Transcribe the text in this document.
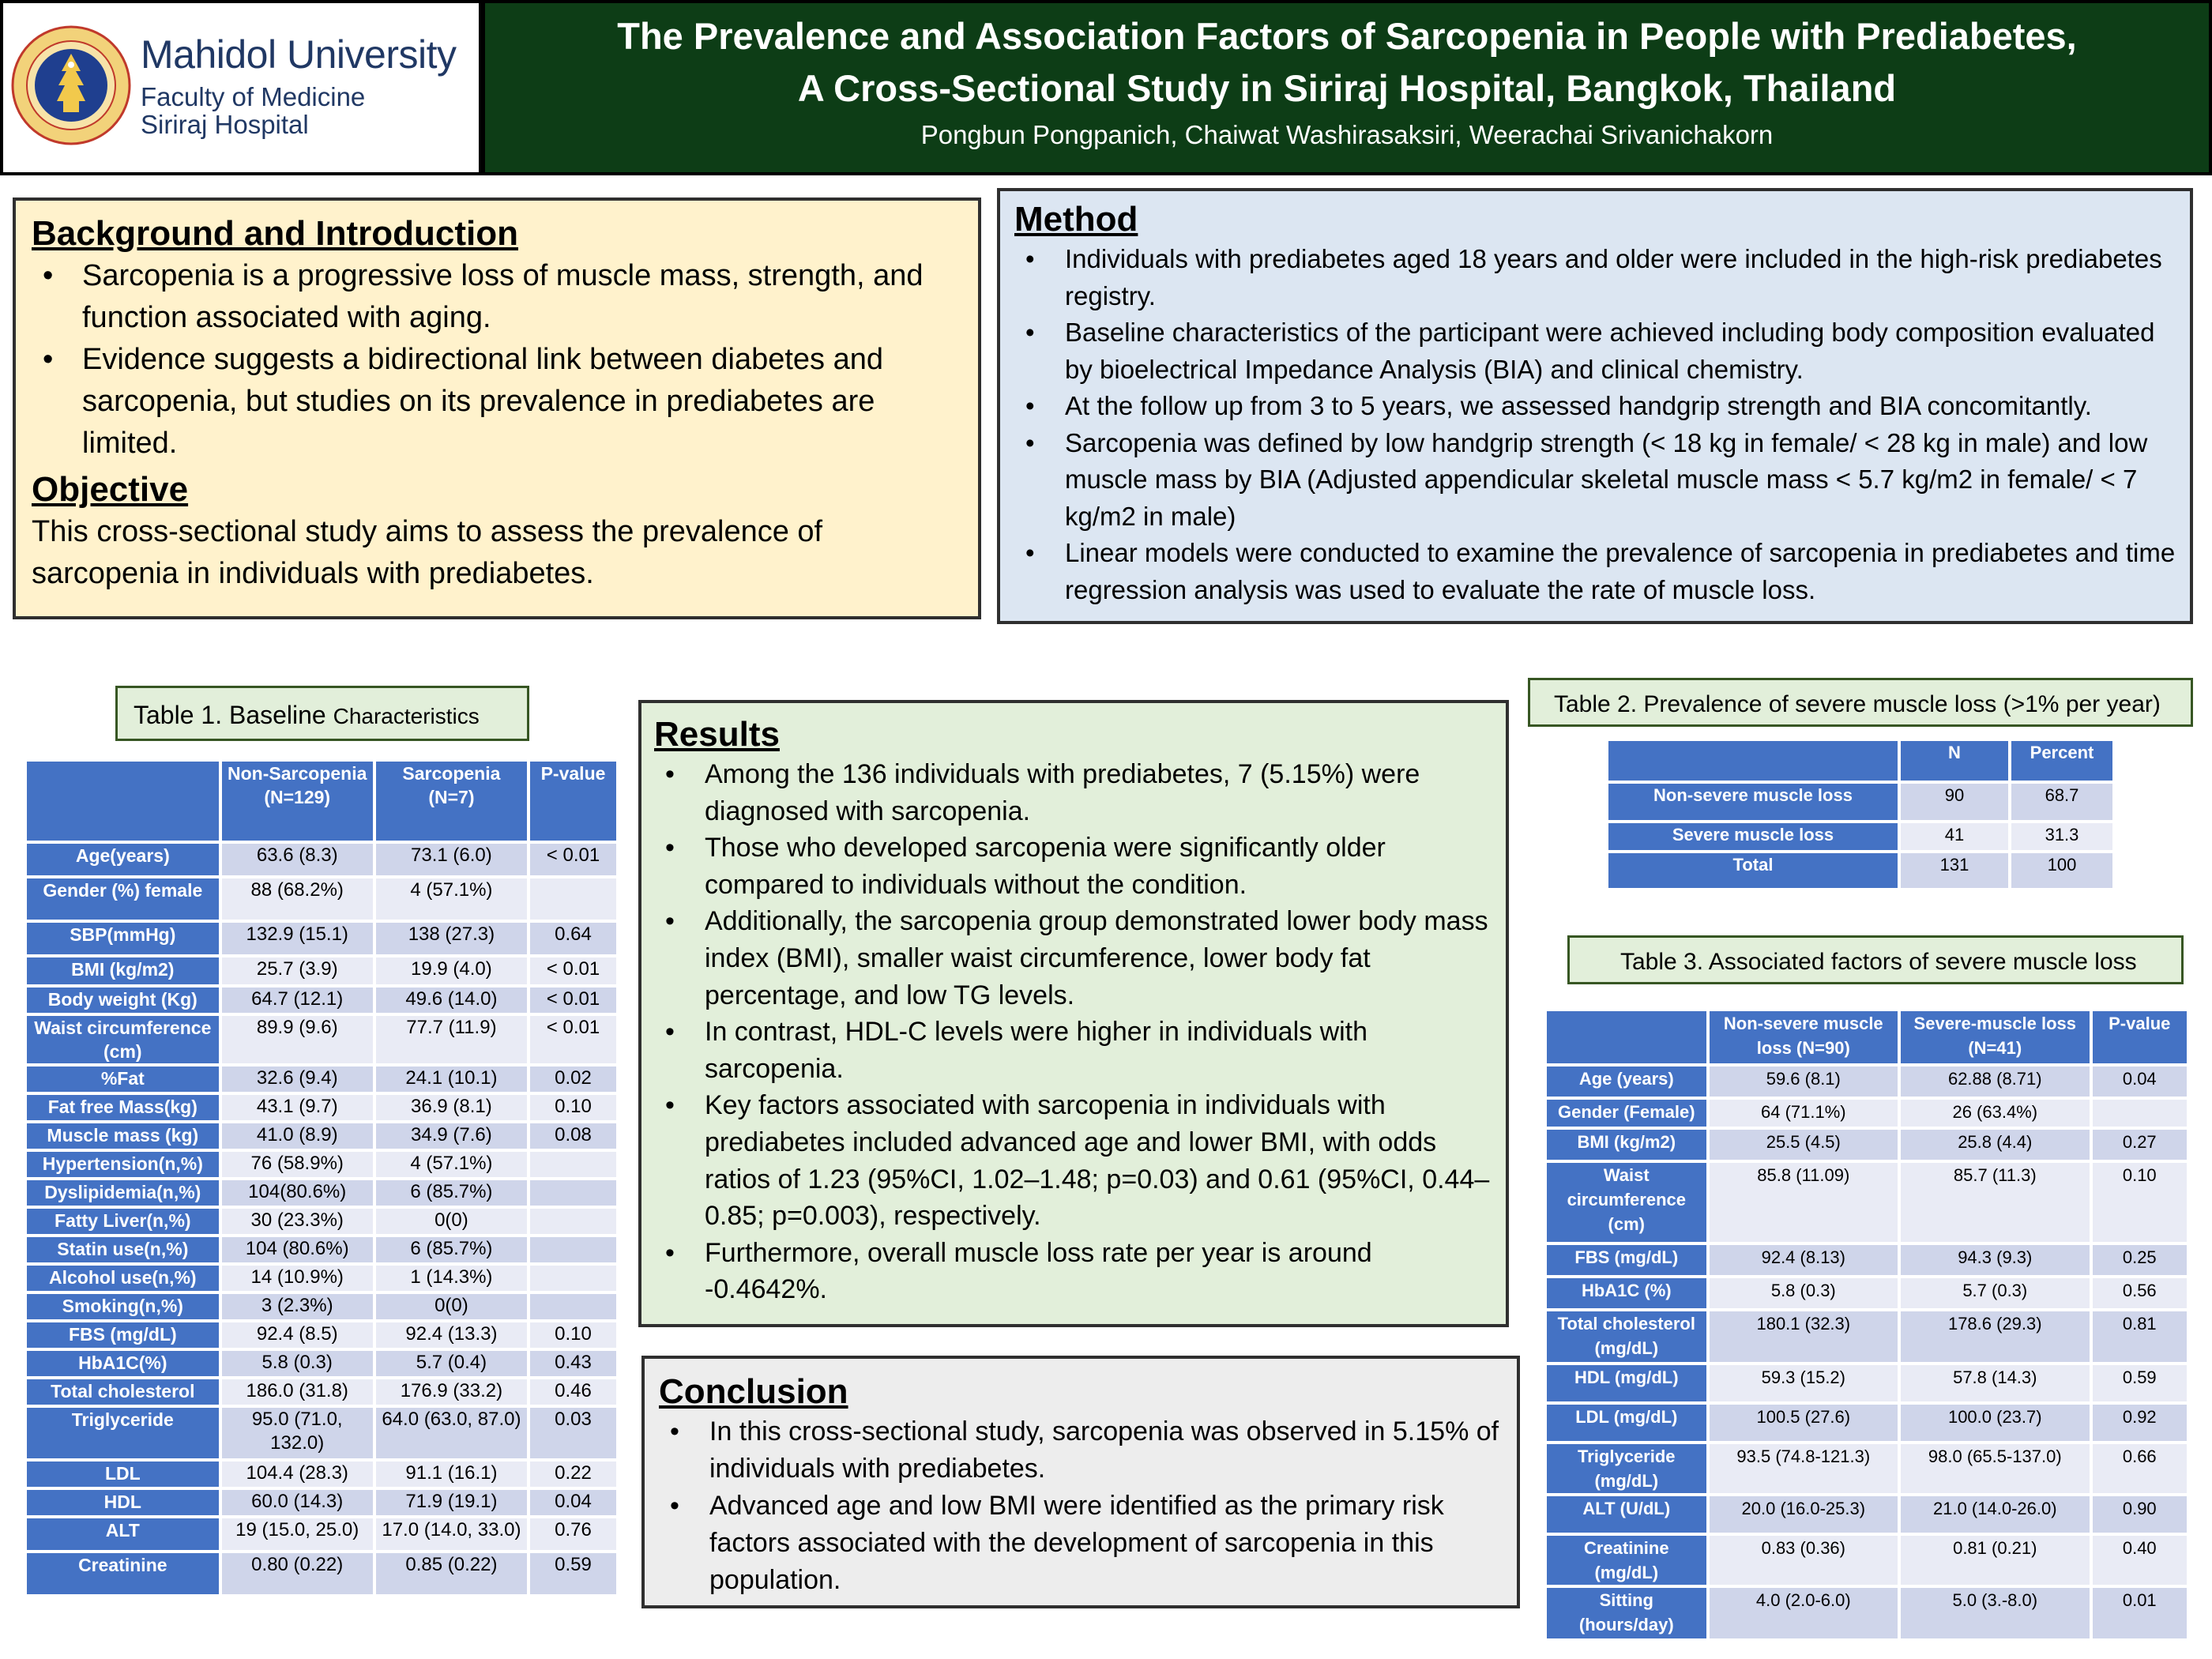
Mahidol University
Faculty of Medicine
Siriraj Hospital
The Prevalence and Association Factors of Sarcopenia in People with Prediabetes,
A Cross-Sectional Study in Siriraj Hospital, Bangkok, Thailand
Pongbun Pongpanich, Chaiwat Washirasaksiri, Weerachai Srivanichakorn
Background and Introduction
• Sarcopenia is a progressive loss of muscle mass, strength, and function associated with aging.
• Evidence suggests a bidirectional link between diabetes and sarcopenia, but studies on its prevalence in prediabetes are limited.
Objective

This cross-sectional study aims to assess the prevalence of sarcopenia in individuals with prediabetes.

Method
• Individuals with prediabetes aged 18 years and older were included in the high-risk prediabetes registry.
• Baseline characteristics of the participant were achieved including body composition evaluated by bioelectrical Impedance Analysis (BIA) and clinical chemistry.
• At the follow up from 3 to 5 years, we assessed handgrip strength and BIA concomitantly.
• Sarcopenia was defined by low handgrip strength (< 18 kg in female/ < 28 kg in male) and low muscle mass by BIA (Adjusted appendicular skeletal muscle mass < 5.7 kg/m2 in female/ < 7 kg/m2 in male)
• Linear models were conducted to examine the prevalence of sarcopenia in prediabetes and time regression analysis was used to evaluate the rate of muscle loss.
Table 1. Baseline Characteristics
	Non-Sarcopenia (N=129)	Sarcopenia (N=7)	P-value
Age(years)	63.6 (8.3)	73.1 (6.0)	< 0.01
Gender (%) female	88 (68.2%)	4 (57.1%)	
SBP(mmHg)	132.9 (15.1)	138 (27.3)	0.64
BMI (kg/m2)	25.7 (3.9)	19.9 (4.0)	< 0.01
Body weight (Kg)	64.7 (12.1)	49.6 (14.0)	< 0.01
Waist circumference (cm)	89.9 (9.6)	77.7 (11.9)	< 0.01
%Fat	32.6 (9.4)	24.1 (10.1)	0.02
Fat free Mass(kg)	43.1 (9.7)	36.9 (8.1)	0.10
Muscle mass (kg)	41.0 (8.9)	34.9 (7.6)	0.08
Hypertension(n,%)	76 (58.9%)	4 (57.1%)	
Dyslipidemia(n,%)	104(80.6%)	6 (85.7%)	
Fatty Liver(n,%)	30 (23.3%)	0(0)	
Statin use(n,%)	104 (80.6%)	6 (85.7%)	
Alcohol use(n,%)	14 (10.9%)	1 (14.3%)	
Smoking(n,%)	3 (2.3%)	0(0)	
FBS (mg/dL)	92.4 (8.5)	92.4 (13.3)	0.10
HbA1C(%)	5.8 (0.3)	5.7 (0.4)	0.43
Total cholesterol	186.0 (31.8)	176.9 (33.2)	0.46
Triglyceride	95.0 (71.0, 132.0)	64.0 (63.0, 87.0)	0.03
LDL	104.4 (28.3)	91.1 (16.1)	0.22
HDL	60.0 (14.3)	71.9 (19.1)	0.04
ALT	19 (15.0, 25.0)	17.0 (14.0, 33.0)	0.76
Creatinine	0.80 (0.22)	0.85 (0.22)	0.59
Results
• Among the 136 individuals with prediabetes, 7 (5.15%) were diagnosed with sarcopenia.
• Those who developed sarcopenia were significantly older compared to individuals without the condition.
• Additionally, the sarcopenia group demonstrated lower body mass index (BMI), smaller waist circumference, lower body fat percentage, and low TG levels.
• In contrast, HDL-C levels were higher in individuals with sarcopenia.
• Key factors associated with sarcopenia in individuals with prediabetes included advanced age and lower BMI, with odds ratios of 1.23 (95%CI, 1.02–1.48; p=0.03) and 0.61 (95%CI, 0.44–0.85; p=0.003), respectively.
• Furthermore, overall muscle loss rate per year is around -0.4642%.
Conclusion
• In this cross-sectional study, sarcopenia was observed in 5.15% of individuals with prediabetes.
• Advanced age and low BMI were identified as the primary risk factors associated with the development of sarcopenia in this population.
Table 2. Prevalence of severe muscle loss (>1% per year)
	N	Percent
Non-severe muscle loss	90	68.7
Severe muscle loss	41	31.3
Total	131	100
Table 3. Associated factors of severe muscle loss
	Non-severe muscle loss (N=90)	Severe-muscle loss (N=41)	P-value
Age (years)	59.6 (8.1)	62.88 (8.71)	0.04
Gender (Female)	64 (71.1%)	26 (63.4%)	
BMI (kg/m2)	25.5 (4.5)	25.8 (4.4)	0.27
Waist circumference (cm)	85.8 (11.09)	85.7 (11.3)	0.10
FBS (mg/dL)	92.4 (8.13)	94.3 (9.3)	0.25
HbA1C (%)	5.8 (0.3)	5.7 (0.3)	0.56
Total cholesterol (mg/dL)	180.1 (32.3)	178.6 (29.3)	0.81
HDL (mg/dL)	59.3 (15.2)	57.8 (14.3)	0.59
LDL (mg/dL)	100.5 (27.6)	100.0 (23.7)	0.92
Triglyceride (mg/dL)	93.5 (74.8-121.3)	98.0 (65.5-137.0)	0.66
ALT (U/dL)	20.0 (16.0-25.3)	21.0 (14.0-26.0)	0.90
Creatinine (mg/dL)	0.83 (0.36)	0.81 (0.21)	0.40
Sitting (hours/day)	4.0 (2.0-6.0)	5.0 (3.-8.0)	0.01
